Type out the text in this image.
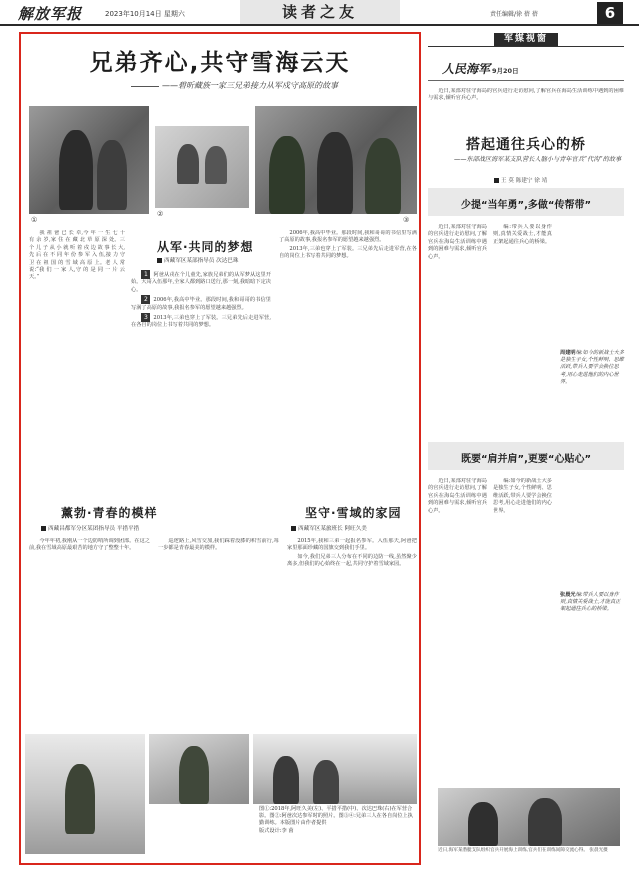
解放军报	2023年10月14日 星期六	读者之友	责任编辑/徐 蓓 蓓	6
兄弟齐心,共守雪海云天
——碧昕藏族一家三兄弟接力从军戍守高原的故事
①
②
③

我 祖 爸 已 长 卓,今 年 一 生 七 十 有 余 岁,家 住 在 藏 北 草 原 深 处。三 个 儿 子 从 小 就 听 着 戍 边 故 事 长 大,先 后 在 不 同 年 份 参 军 入 伍,接 力 守 卫 在 祖 国 的 雪 域 高 原 上。老 人 常 说:“我 们 一 家 人,守 的 是 同 一 片 云 天。”

从军·共同的梦想
西藏军区某部指导员 次达巴珠

1 阿爸从戎在个儿童先,家族兄弟们的从军梦从这里开始。大哥入伍那年,全家人都到路口送行,那一刻,我暗暗下定决心。

2 2006年,我高中毕业。那段时间,我和哥哥的书信里写满了高原的故事,我报名参军的愿望越来越强烈。

3 2013年,三弟也穿上了军装。三兄弟先后走进军营,在各自的岗位上书写着共同的梦想。

2006年,我高中毕业。那段时间,我和哥哥的书信里写满了高原的故事,我报名参军的愿望越来越强烈。

2013年,三弟也穿上了军装。三兄弟先后走进军营,在各自的岗位上书写着共同的梦想。

薰勃·青春的模样
西藏昌都军分区某团指导员 平措平措

今年年初,我刚从一个边防哨所调到团部。在这之前,我在雪域高原最艰苦的地方守了整整十年。

巡逻路上,风雪交加,我们踩着没膝的积雪前行,每一步都是青春最美的模样。

坚守·雪域的家园
西藏军区某旅班长 阿旺久美

2015年,我和三弟一起报名参军。入伍那天,阿爸把家里那面珍藏的国旗交到我们手里。

如今,我们兄弟三人分布在不同的边防一线,虽然聚少离多,但我们的心始终在一起,共同守护着雪域家园。

图①:2018年,阿旺久美(左)、平措平措(中)、次达巴珠(右)在军营合影。图②:阿爸次达参军时的照片。图③④:兄弟三人在各自岗位上执勤训练。本版图片由作者提供
版式设计:李 茵
军媒视窗
人民海军 9月20日

近日,某部对驻守海岛的官兵进行走访慰问,了解官兵在海岛生活训练中遇到的困难与需求,倾听官兵心声。

搭起通往兵心的桥
——东部战区海军某支队营长人脑小与青年官兵“代沟”的故事
王 莫 陈建宁 徐 靖
少提“当年勇”,多做“传帮带”

近日,某部对驻守海岛的官兵进行走访慰问,了解官兵在海岛生活训练中遇到的困难与需求,倾听官兵心声。

编:带兵人要以身作则,真情关爱战士,才能真正架起通往兵心的桥梁。

周建明编:如今的新战士大多是独生子女,个性鲜明、思维活跃,带兵人要学会换位思考,用心走进他们的内心世界。
既要“肩并肩”,更要“心贴心”

近日,某部对驻守海岛的官兵进行走访慰问,了解官兵在海岛生活训练中遇到的困难与需求,倾听官兵心声。

编:如今的新战士大多是独生子女,个性鲜明、思维活跃,带兵人要学会换位思考,用心走进他们的内心世界。

张晨光编:带兵人要以身作则,真情关爱战士,才能真正架起通往兵心的桥梁。
近日,海军某潜艇支队组织官兵开展海上训练,官兵们在训练间隙交流心得。 张晨光摄
